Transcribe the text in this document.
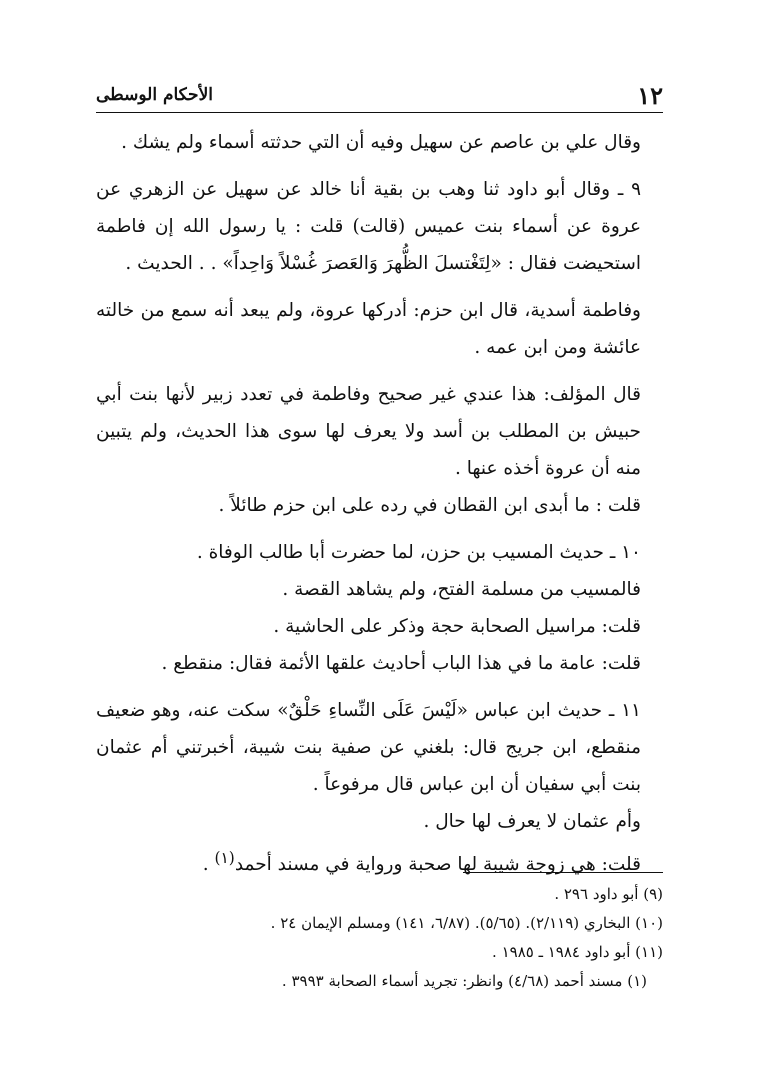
١٢
الأحكام الوسطى

وقال علي بن عاصم عن سهيل وفيه أن التي حدثته أسماء ولم يشك .

٩ ـ وقال أبو داود ثنا وهب بن بقية أنا خالد عن سهيل عن الزهري عن عروة عن أسماء بنت عميس (قالت) قلت : يا رسول الله إن فاطمة استحيضت فقال : «لِتَغْتسلَ الظُّهرَ وَالعَصرَ غُسْلاً وَاحِداً» . . الحديث .

وفاطمة أسدية، قال ابن حزم: أدركها عروة، ولم يبعد أنه سمع من خالته عائشة ومن ابن عمه .

قال المؤلف: هذا عندي غير صحيح وفاطمة في تعدد زبير لأنها بنت أبي حبيش بن المطلب بن أسد ولا يعرف لها سوى هذا الحديث، ولم يتبين منه أن عروة أخذه عنها .

قلت : ما أبدى ابن القطان في رده على ابن حزم طائلاً .

١٠ ـ حديث المسيب بن حزن، لما حضرت أبا طالب الوفاة .

فالمسيب من مسلمة الفتح، ولم يشاهد القصة .

قلت: مراسيل الصحابة حجة وذكر على الحاشية .

قلت: عامة ما في هذا الباب أحاديث علقها الأئمة فقال: منقطع .

١١ ـ حديث ابن عباس «لَيْسَ عَلَى النِّساءِ حَلْقٌ» سكت عنه، وهو ضعيف منقطع، ابن جريج قال: بلغني عن صفية بنت شيبة، أخبرتني أم عثمان بنت أبي سفيان أن ابن عباس قال مرفوعاً .

وأم عثمان لا يعرف لها حال .

قلت: هي زوجة شيبة لها صحبة ورواية في مسند أحمد$^{(١)}$ .

(٩) أبو داود ٢٩٦ .

(١٠) البخاري (٢/١١٩). (٥/٦٥). (٦/٨٧، ١٤١) ومسلم الإيمان ٢٤ .

(١١) أبو داود ١٩٨٤ ـ ١٩٨٥ .

(١) مسند أحمد (٤/٦٨) وانظر: تجريد أسماء الصحابة ٣٩٩٣ .
